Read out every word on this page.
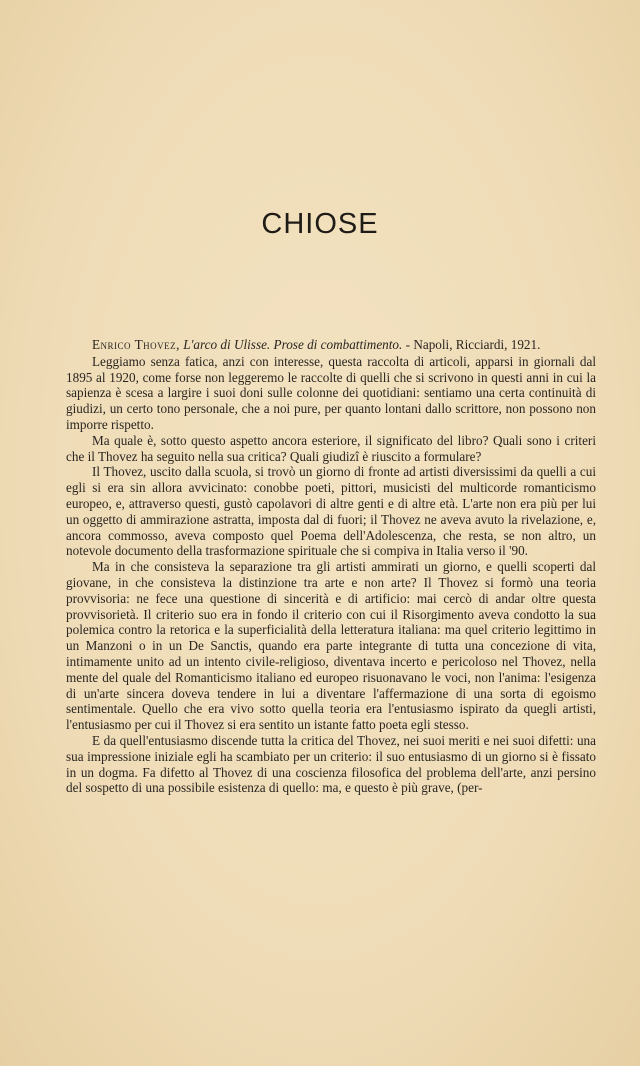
CHIOSE

Enrico Thovez, L'arco di Ulisse. Prose di combattimento. - Napoli, Ricciardi, 1921.

Leggiamo senza fatica, anzi con interesse, questa raccolta di articoli, apparsi in giornali dal 1895 al 1920, come forse non leggeremo le raccolte di quelli che si scrivono in questi anni in cui la sapienza è scesa a largire i suoi doni sulle colonne dei quotidiani: sentiamo una certa continuità di giudizi, un certo tono personale, che a noi pure, per quanto lontani dallo scrittore, non possono non imporre rispetto.

Ma quale è, sotto questo aspetto ancora esteriore, il significato del libro? Quali sono i criteri che il Thovez ha seguito nella sua critica? Quali giudizî è riuscito a formulare?

Il Thovez, uscito dalla scuola, si trovò un giorno di fronte ad artisti diversissimi da quelli a cui egli si era sin allora avvicinato: conobbe poeti, pittori, musicisti del multicorde romanticismo europeo, e, attraverso questi, gustò capolavori di altre genti e di altre età. L'arte non era più per lui un oggetto di ammirazione astratta, imposta dal di fuori; il Thovez ne aveva avuto la rivelazione, e, ancora commosso, aveva composto quel Poema dell'Adolescenza, che resta, se non altro, un notevole documento della trasformazione spirituale che si compiva in Italia verso il '90.

Ma in che consisteva la separazione tra gli artisti ammirati un giorno, e quelli scoperti dal giovane, in che consisteva la distinzione tra arte e non arte? Il Thovez si formò una teoria provvisoria: ne fece una questione di sincerità e di artificio: mai cercò di andar oltre questa provvisorietà. Il criterio suo era in fondo il criterio con cui il Risorgimento aveva condotto la sua polemica contro la retorica e la superficialità della letteratura italiana: ma quel criterio legittimo in un Manzoni o in un De Sanctis, quando era parte integrante di tutta una concezione di vita, intimamente unito ad un intento civile-religioso, diventava incerto e pericoloso nel Thovez, nella mente del quale del Romanticismo italiano ed europeo risuonavano le voci, non l'anima: l'esigenza di un'arte sincera doveva tendere in lui a diventare l'affermazione di una sorta di egoismo sentimentale. Quello che era vivo sotto quella teoria era l'entusiasmo ispirato da quegli artisti, l'entusiasmo per cui il Thovez si era sentito un istante fatto poeta egli stesso.

E da quell'entusiasmo discende tutta la critica del Thovez, nei suoi meriti e nei suoi difetti: una sua impressione iniziale egli ha scambiato per un criterio: il suo entusiasmo di un giorno si è fissato in un dogma. Fa difetto al Thovez di una coscienza filosofica del problema dell'arte, anzi persino del sospetto di una possibile esistenza di quello: ma, e questo è più grave, (per-
